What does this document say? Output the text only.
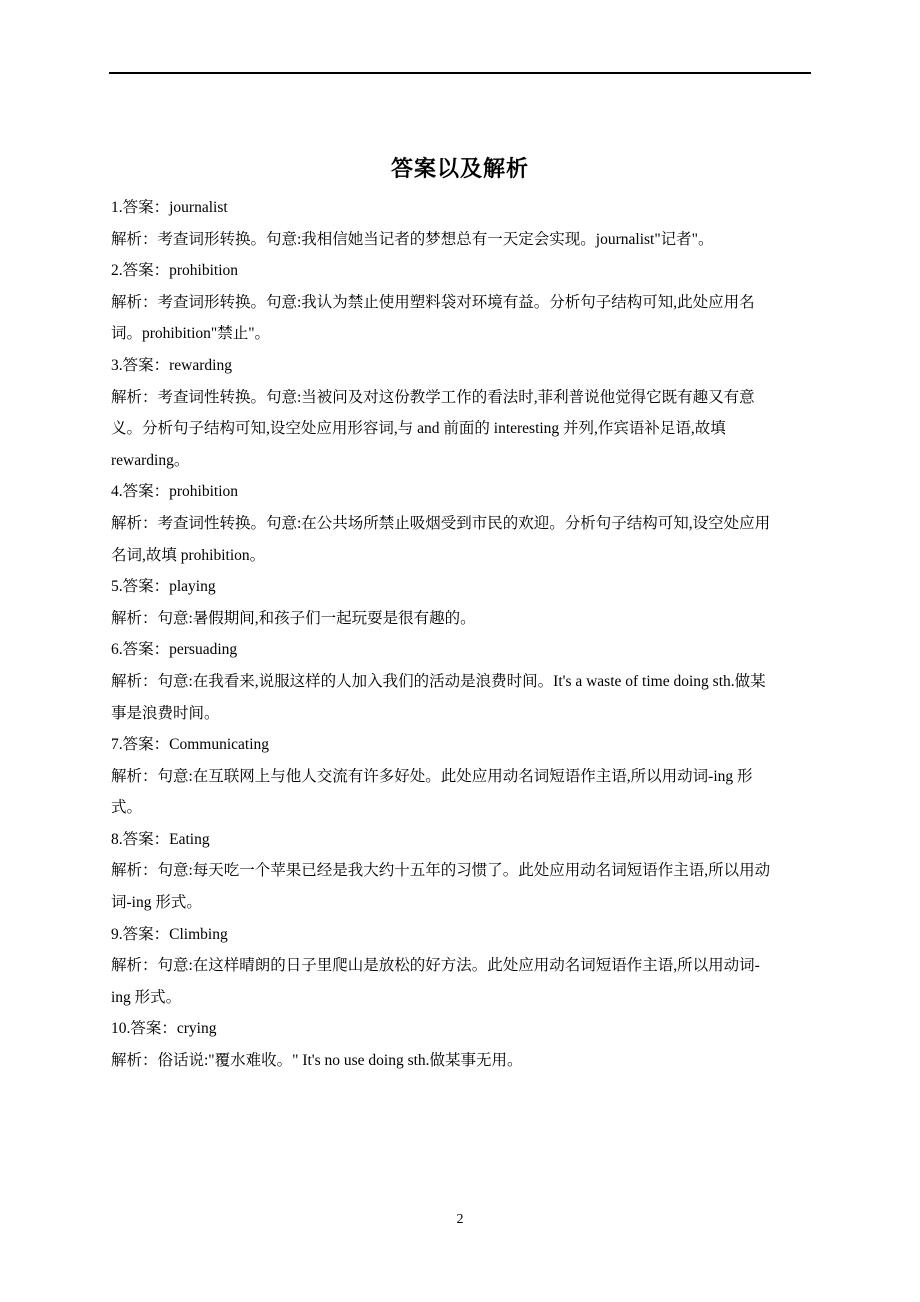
答案以及解析
1.答案：journalist
解析：考查词形转换。句意:我相信她当记者的梦想总有一天定会实现。journalist"记者"。
2.答案：prohibition
解析：考查词形转换。句意:我认为禁止使用塑料袋对环境有益。分析句子结构可知,此处应用名
词。prohibition"禁止"。
3.答案：rewarding
解析：考查词性转换。句意:当被问及对这份教学工作的看法时,菲利普说他觉得它既有趣又有意
义。分析句子结构可知,设空处应用形容词,与 and 前面的 interesting 并列,作宾语补足语,故填
rewarding。
4.答案：prohibition
解析：考查词性转换。句意:在公共场所禁止吸烟受到市民的欢迎。分析句子结构可知,设空处应用
名词,故填 prohibition。
5.答案：playing
解析：句意:暑假期间,和孩子们一起玩耍是很有趣的。
6.答案：persuading
解析：句意:在我看来,说服这样的人加入我们的活动是浪费时间。It's a waste of time doing sth.做某
事是浪费时间。
7.答案：Communicating
解析：句意:在互联网上与他人交流有许多好处。此处应用动名词短语作主语,所以用动词-ing 形
式。
8.答案：Eating
解析：句意:每天吃一个苹果已经是我大约十五年的习惯了。此处应用动名词短语作主语,所以用动
词-ing 形式。
9.答案：Climbing
解析：句意:在这样晴朗的日子里爬山是放松的好方法。此处应用动名词短语作主语,所以用动词-
ing 形式。
10.答案：crying
解析：俗话说:"覆水难收。" It's no use doing sth.做某事无用。
2
